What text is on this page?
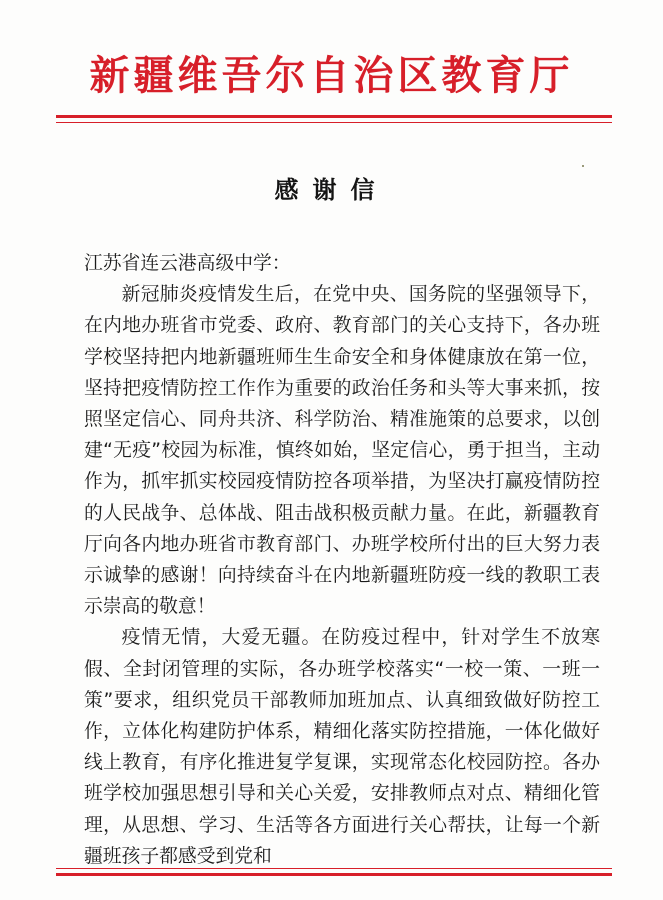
新疆维吾尔自治区教育厅
感谢信

江苏省连云港高级中学：

新冠肺炎疫情发生后，在党中央、国务院的坚强领导下，在内地办班省市党委、政府、教育部门的关心支持下，各办班学校坚持把内地新疆班师生生命安全和身体健康放在第一位，坚持把疫情防控工作作为重要的政治任务和头等大事来抓，按照坚定信心、同舟共济、科学防治、精准施策的总要求，以创建“无疫”校园为标准，慎终如始，坚定信心，勇于担当，主动作为，抓牢抓实校园疫情防控各项举措，为坚决打赢疫情防控的人民战争、总体战、阻击战积极贡献力量。在此，新疆教育厅向各内地办班省市教育部门、办班学校所付出的巨大努力表示诚挚的感谢！向持续奋斗在内地新疆班防疫一线的教职工表示崇高的敬意！

疫情无情，大爱无疆。在防疫过程中，针对学生不放寒假、全封闭管理的实际，各办班学校落实“一校一策、一班一策”要求，组织党员干部教师加班加点、认真细致做好防控工作，立体化构建防护体系，精细化落实防控措施，一体化做好线上教育，有序化推进复学复课，实现常态化校园防控。各办班学校加强思想引导和关心关爱，安排教师点对点、精细化管理，从思想、学习、生活等各方面进行关心帮扶，让每一个新疆班孩子都感受到党和
